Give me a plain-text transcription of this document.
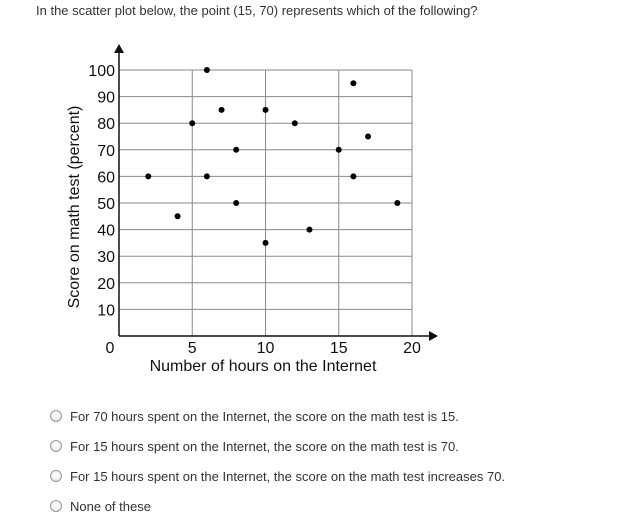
In the scatter plot below, the point (15, 70) represents which of the following?
10
20
30
40
50
60
70
80
90
100
5	10	15	20
0
Number of hours on the Internet
Score on math test (percent)
For 70 hours spent on the Internet, the score on the math test is 15.
For 15 hours spent on the Internet, the score on the math test is 70.
For 15 hours spent on the Internet, the score on the math test increases 70.
None of these
